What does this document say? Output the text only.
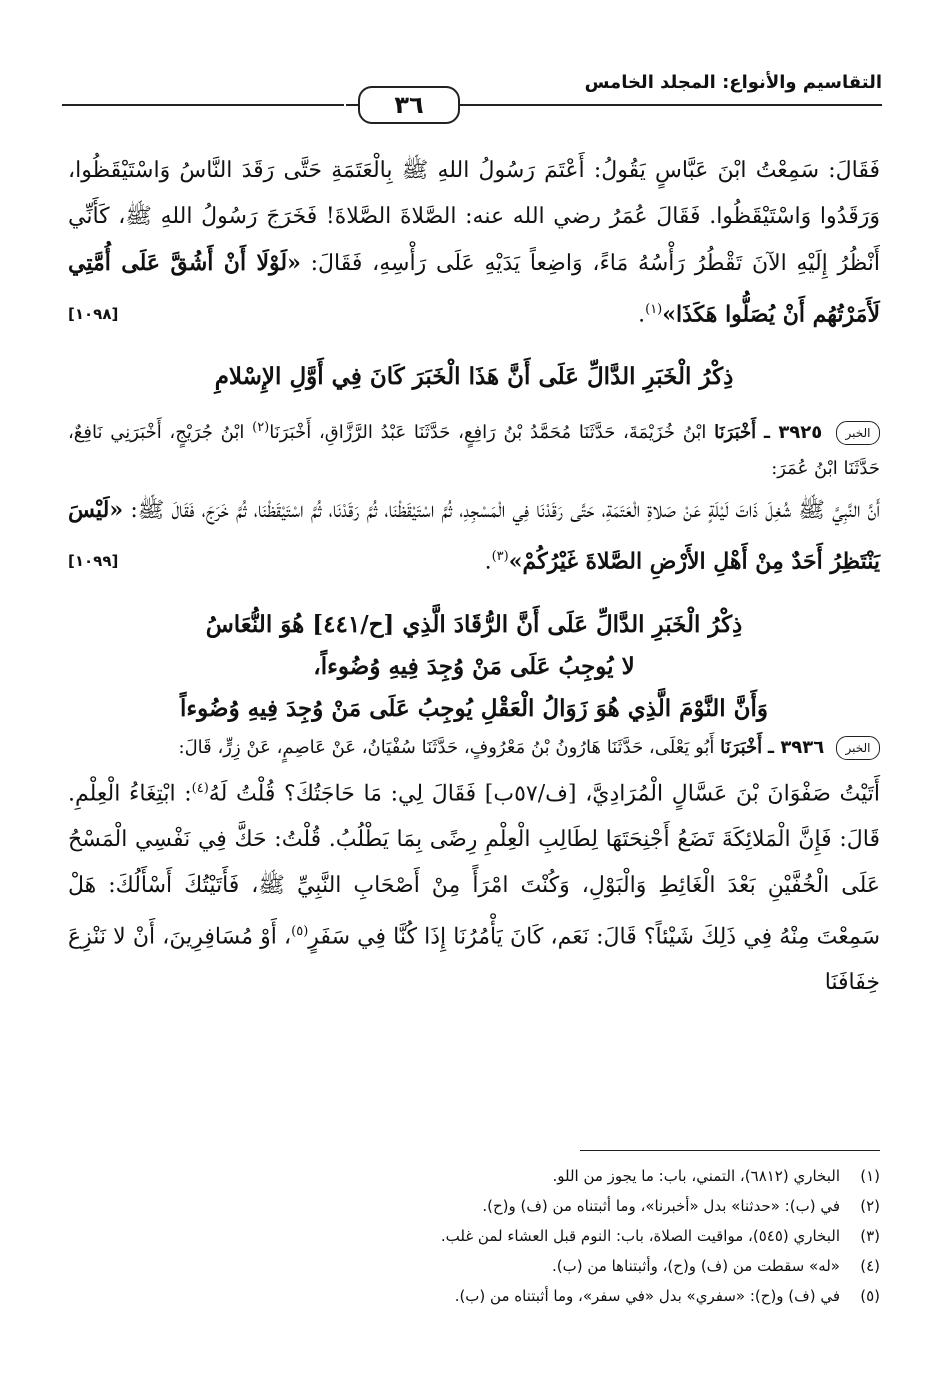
التقاسيم والأنواع: المجلد الخامس
٣٦

فَقَالَ: سَمِعْتُ ابْنَ عَبَّاسٍ يَقُولُ: أَعْتَمَ رَسُولُ اللهِ ﷺ بِالْعَتَمَةِ حَتَّى رَقَدَ النَّاسُ وَاسْتَيْقَظُوا، وَرَقَدُوا وَاسْتَيْقَظُوا. فَقَالَ عُمَرُ رضي الله عنه: الصَّلاةَ الصَّلاةَ! فَخَرَجَ رَسُولُ اللهِ ﷺ، كَأَنِّي أَنْظُرُ إِلَيْهِ الآنَ تَقْطُرُ رَأْسُهُ مَاءً، وَاضِعاً يَدَيْهِ عَلَى رَأْسِهِ، فَقَالَ: «لَوْلَا أَنْ أَشُقَّ عَلَى أُمَّتِي لَأَمَرْتُهُم أَنْ يُصَلُّوا هَكَذَا»$^{(١)}$.
[١٠٩٨]

ذِكْرُ الْخَبَرِ الدَّالِّ عَلَى أَنَّ هَذَا الْخَبَرَ كَانَ فِي أَوَّلِ الإِسْلامِ

الخبر ٣٩٢٥ ـ أَخْبَرَنَا ابْنُ خُزَيْمَةَ، حَدَّثَنَا مُحَمَّدُ بْنُ رَافِعٍ، حَدَّثَنَا عَبْدُ الرَّزَّاقِ، أَخْبَرَنَا$^{(٢)}$ ابْنُ جُرَيْجٍ، أَخْبَرَنِي نَافِعٌ، حَدَّثَنَا ابْنُ عُمَرَ:

أَنَّ النَّبِيَّ ﷺ شُغِلَ ذَاتَ لَيْلَةٍ عَنْ صَلاةِ الْعَتَمَةِ، حَتَّى رَقَدْنَا فِي الْمَسْجِدِ، ثُمَّ اسْتَيْقَظْنَا، ثُمَّ رَقَدْنَا، ثُمَّ اسْتَيْقَظْنَا، ثُمَّ خَرَجَ، فَقَالَ ﷺ: «لَيْسَ يَنْتَظِرُ أَحَدٌ مِنْ أَهْلِ الأَرْضِ الصَّلاةَ غَيْرُكُمْ»$^{(٣)}$.
[١٠٩٩]

ذِكْرُ الْخَبَرِ الدَّالِّ عَلَى أَنَّ الرُّقَادَ الَّذِي [ح/٤٤١] هُوَ النُّعَاسُ

لا يُوجِبُ عَلَى مَنْ وُجِدَ فِيهِ وُضُوءاً،

وَأَنَّ النَّوْمَ الَّذِي هُوَ زَوَالُ الْعَقْلِ يُوجِبُ عَلَى مَنْ وُجِدَ فِيهِ وُضُوءاً

الخبر ٣٩٣٦ ـ أَخْبَرَنَا أَبُو يَعْلَى، حَدَّثَنَا هَارُونُ بْنُ مَعْرُوفٍ، حَدَّثَنَا سُفْيَانُ، عَنْ عَاصِمٍ، عَنْ زِرٍّ، قَالَ:

أَتَيْتُ صَفْوَانَ بْنَ عَسَّالٍ الْمُرَادِيَّ، [ف/٥٧ب] فَقَالَ لِي: مَا حَاجَتُكَ؟ قُلْتُ لَهُ$^{(٤)}$: ابْتِغَاءُ الْعِلْمِ. قَالَ: فَإِنَّ الْمَلائِكَةَ تَضَعُ أَجْنِحَتَهَا لِطَالِبِ الْعِلْمِ رِضًى بِمَا يَطْلُبُ. قُلْتُ: حَكَّ فِي نَفْسِي الْمَسْحُ عَلَى الْخُفَّيْنِ بَعْدَ الْغَائِطِ وَالْبَوْلِ، وَكُنْتَ امْرَأً مِنْ أَصْحَابِ النَّبِيِّ ﷺ، فَأَتَيْتُكَ أَسْأَلُكَ: هَلْ سَمِعْتَ مِنْهُ فِي ذَلِكَ شَيْئاً؟ قَالَ: نَعَم، كَانَ يَأْمُرُنَا إِذَا كُنَّا فِي سَفَرٍ$^{(٥)}$، أَوْ مُسَافِرِينَ، أَنْ لا نَنْزِعَ خِفَافَنَا

(١)البخاري (٦٨١٢)، التمني، باب: ما يجوز من اللو.

(٢)في (ب): «حدثنا» بدل «أخبرنا»، وما أثبتناه من (ف) و(ح).

(٣)البخاري (٥٤٥)، مواقيت الصلاة، باب: النوم قبل العشاء لمن غلب.

(٤)«له» سقطت من (ف) و(ح)، وأثبتناها من (ب).

(٥)في (ف) و(ح): «سفري» بدل «في سفر»، وما أثبتناه من (ب).
